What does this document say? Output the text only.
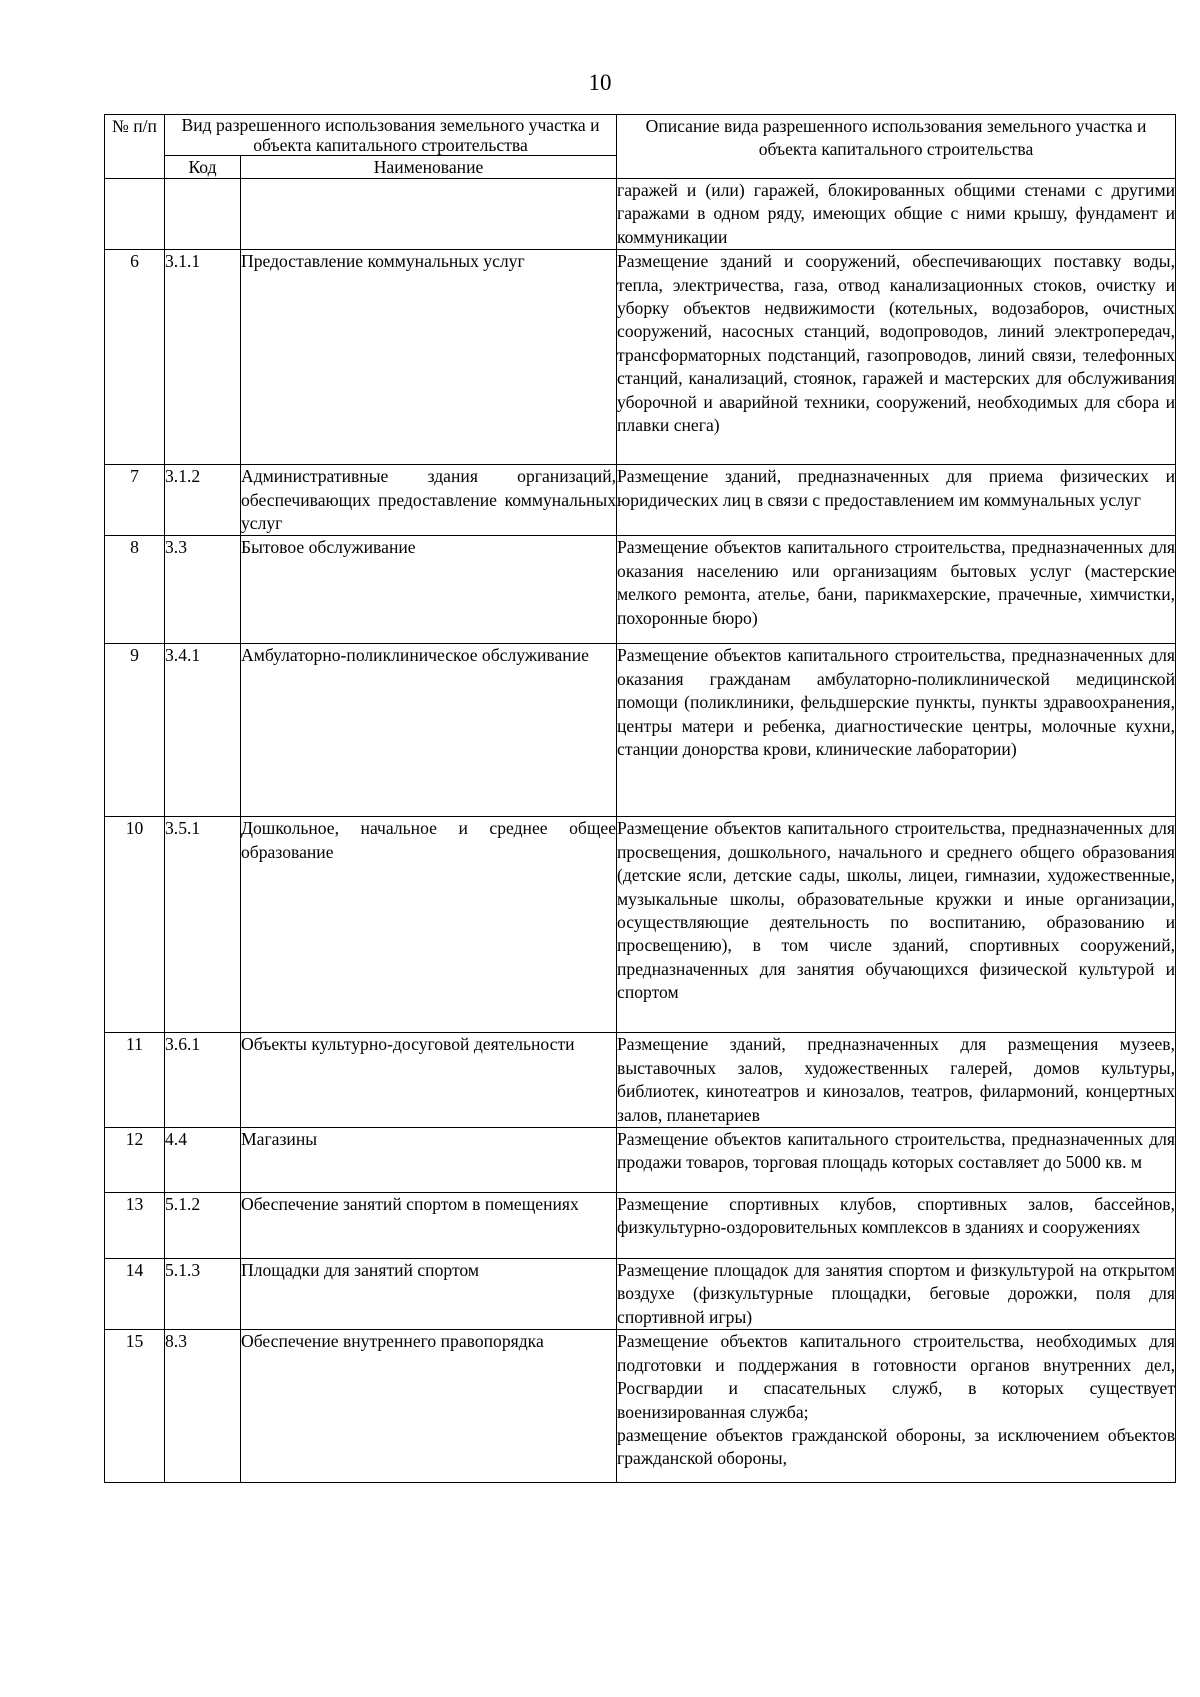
10
№ п/п	Вид разрешенного использования земельного участка и объекта капитального строительства		Описание вида разрешенного использования земельного участка и объекта капитального строительства
	Код	Наименование	
			гаражей и (или) гаражей, блокированных общими стенами с другими гаражами в одном ряду, имеющих общие с ними крышу, фундамент и коммуникации
6	3.1.1	Предоставление коммунальных услуг	Размещение зданий и сооружений, обеспечивающих поставку воды, тепла, электричества, газа, отвод канализационных стоков, очистку и уборку объектов недвижимости (котельных, водозаборов, очистных сооружений, насосных станций, водопроводов, линий электропередач, трансформаторных подстанций, газопроводов, линий связи, телефонных станций, канализаций, стоянок, гаражей и мастерских для обслуживания уборочной и аварийной техники, сооружений, необходимых для сбора и плавки снега)

7	3.1.2	Административные здания организаций, обеспечивающих предоставление коммунальных услуг	Размещение зданий, предназначенных для приема физических и юридических лиц в связи с предоставлением им коммунальных услуг

8	3.3	Бытовое обслуживание	Размещение объектов капитального строительства, предназначенных для оказания населению или организациям бытовых услуг (мастерские мелкого ремонта, ателье, бани, парикмахерские, прачечные, химчистки, похоронные бюро)

9	3.4.1	Амбулаторно-поликлиническое обслуживание	Размещение объектов капитального строительства, предназначенных для оказания гражданам амбулаторно-поликлинической медицинской помощи (поликлиники, фельдшерские пункты, пункты здравоохранения, центры матери и ребенка, диагностические центры, молочные кухни, станции донорства крови, клинические лаборатории)

10	3.5.1	Дошкольное, начальное и среднее общее образование	Размещение объектов капитального строительства, предназначенных для просвещения, дошкольного, начального и среднего общего образования (детские ясли, детские сады, школы, лицеи, гимназии, художественные, музыкальные школы, образовательные кружки и иные организации, осуществляющие деятельность по воспитанию, образованию и просвещению), в том числе зданий, спортивных сооружений, предназначенных для занятия обучающихся физической культурой и спортом

11	3.6.1	Объекты культурно-досуговой деятельности	Размещение зданий, предназначенных для размещения музеев, выставочных залов, художественных галерей, домов культуры, библиотек, кинотеатров и кинозалов, театров, филармоний, концертных залов, планетариев

12	4.4	Магазины	Размещение объектов капитального строительства, предназначенных для продажи товаров, торговая площадь которых составляет до 5000 кв. м

13	5.1.2	Обеспечение занятий спортом в помещениях	Размещение спортивных клубов, спортивных залов, бассейнов, физкультурно-оздоровительных комплексов в зданиях и сооружениях

14	5.1.3	Площадки для занятий спортом	Размещение площадок для занятия спортом и физкультурой на открытом воздухе (физкультурные площадки, беговые дорожки, поля для спортивной игры)

15	8.3	Обеспечение внутреннего правопорядка	Размещение объектов капитального строительства, необходимых для подготовки и поддержания в готовности органов внутренних дел, Росгвардии и спасательных служб, в которых существует военизированная служба;
размещение объектов гражданской обороны, за исключением объектов гражданской обороны,
